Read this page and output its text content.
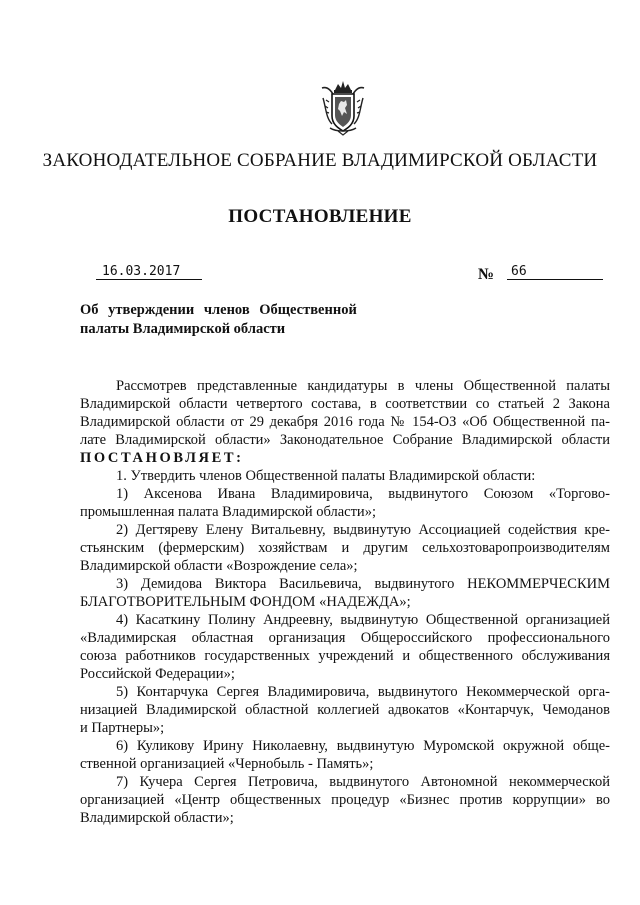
ЗАКОНОДАТЕЛЬНОЕ СОБРАНИЕ ВЛАДИМИРСКОЙ ОБЛАСТИ
ПОСТАНОВЛЕНИЕ
16.03.2017	№	66
Об утверждении членов Общественной
палаты Владимирской области

Рассмотрев представленные кандидатуры в члены Общественной палаты

Владимирской области четвертого состава, в соответствии со статьей 2 Закона

Владимирской области от 29 декабря 2016 года № 154-ОЗ «Об Общественной па-

лате Владимирской области» Законодательное Собрание Владимирской области

ПОСТАНОВЛЯЕТ:

1. Утвердить членов Общественной палаты Владимирской области:

1) Аксенова Ивана Владимировича, выдвинутого Союзом «Торгово-

промышленная палата Владимирской области»;

2) Дегтяреву Елену Витальевну, выдвинутую Ассоциацией содействия кре-

стьянским (фермерским) хозяйствам и другим сельхозтоваропроизводителям

Владимирской области «Возрождение села»;

3) Демидова Виктора Васильевича, выдвинутого НЕКОММЕРЧЕСКИМ

БЛАГОТВОРИТЕЛЬНЫМ ФОНДОМ «НАДЕЖДА»;

4) Касаткину Полину Андреевну, выдвинутую Общественной организацией

«Владимирская областная организация Общероссийского профессионального

союза работников государственных учреждений и общественного обслуживания

Российской Федерации»;

5) Контарчука Сергея Владимировича, выдвинутого Некоммерческой орга-

низацией Владимирской областной коллегией адвокатов «Контарчук, Чемоданов

и Партнеры»;

6) Куликову Ирину Николаевну, выдвинутую Муромской окружной обще-

ственной организацией «Чернобыль - Память»;

7) Кучера Сергея Петровича, выдвинутого Автономной некоммерческой

организацией «Центр общественных процедур «Бизнес против коррупции» во

Владимирской области»;
